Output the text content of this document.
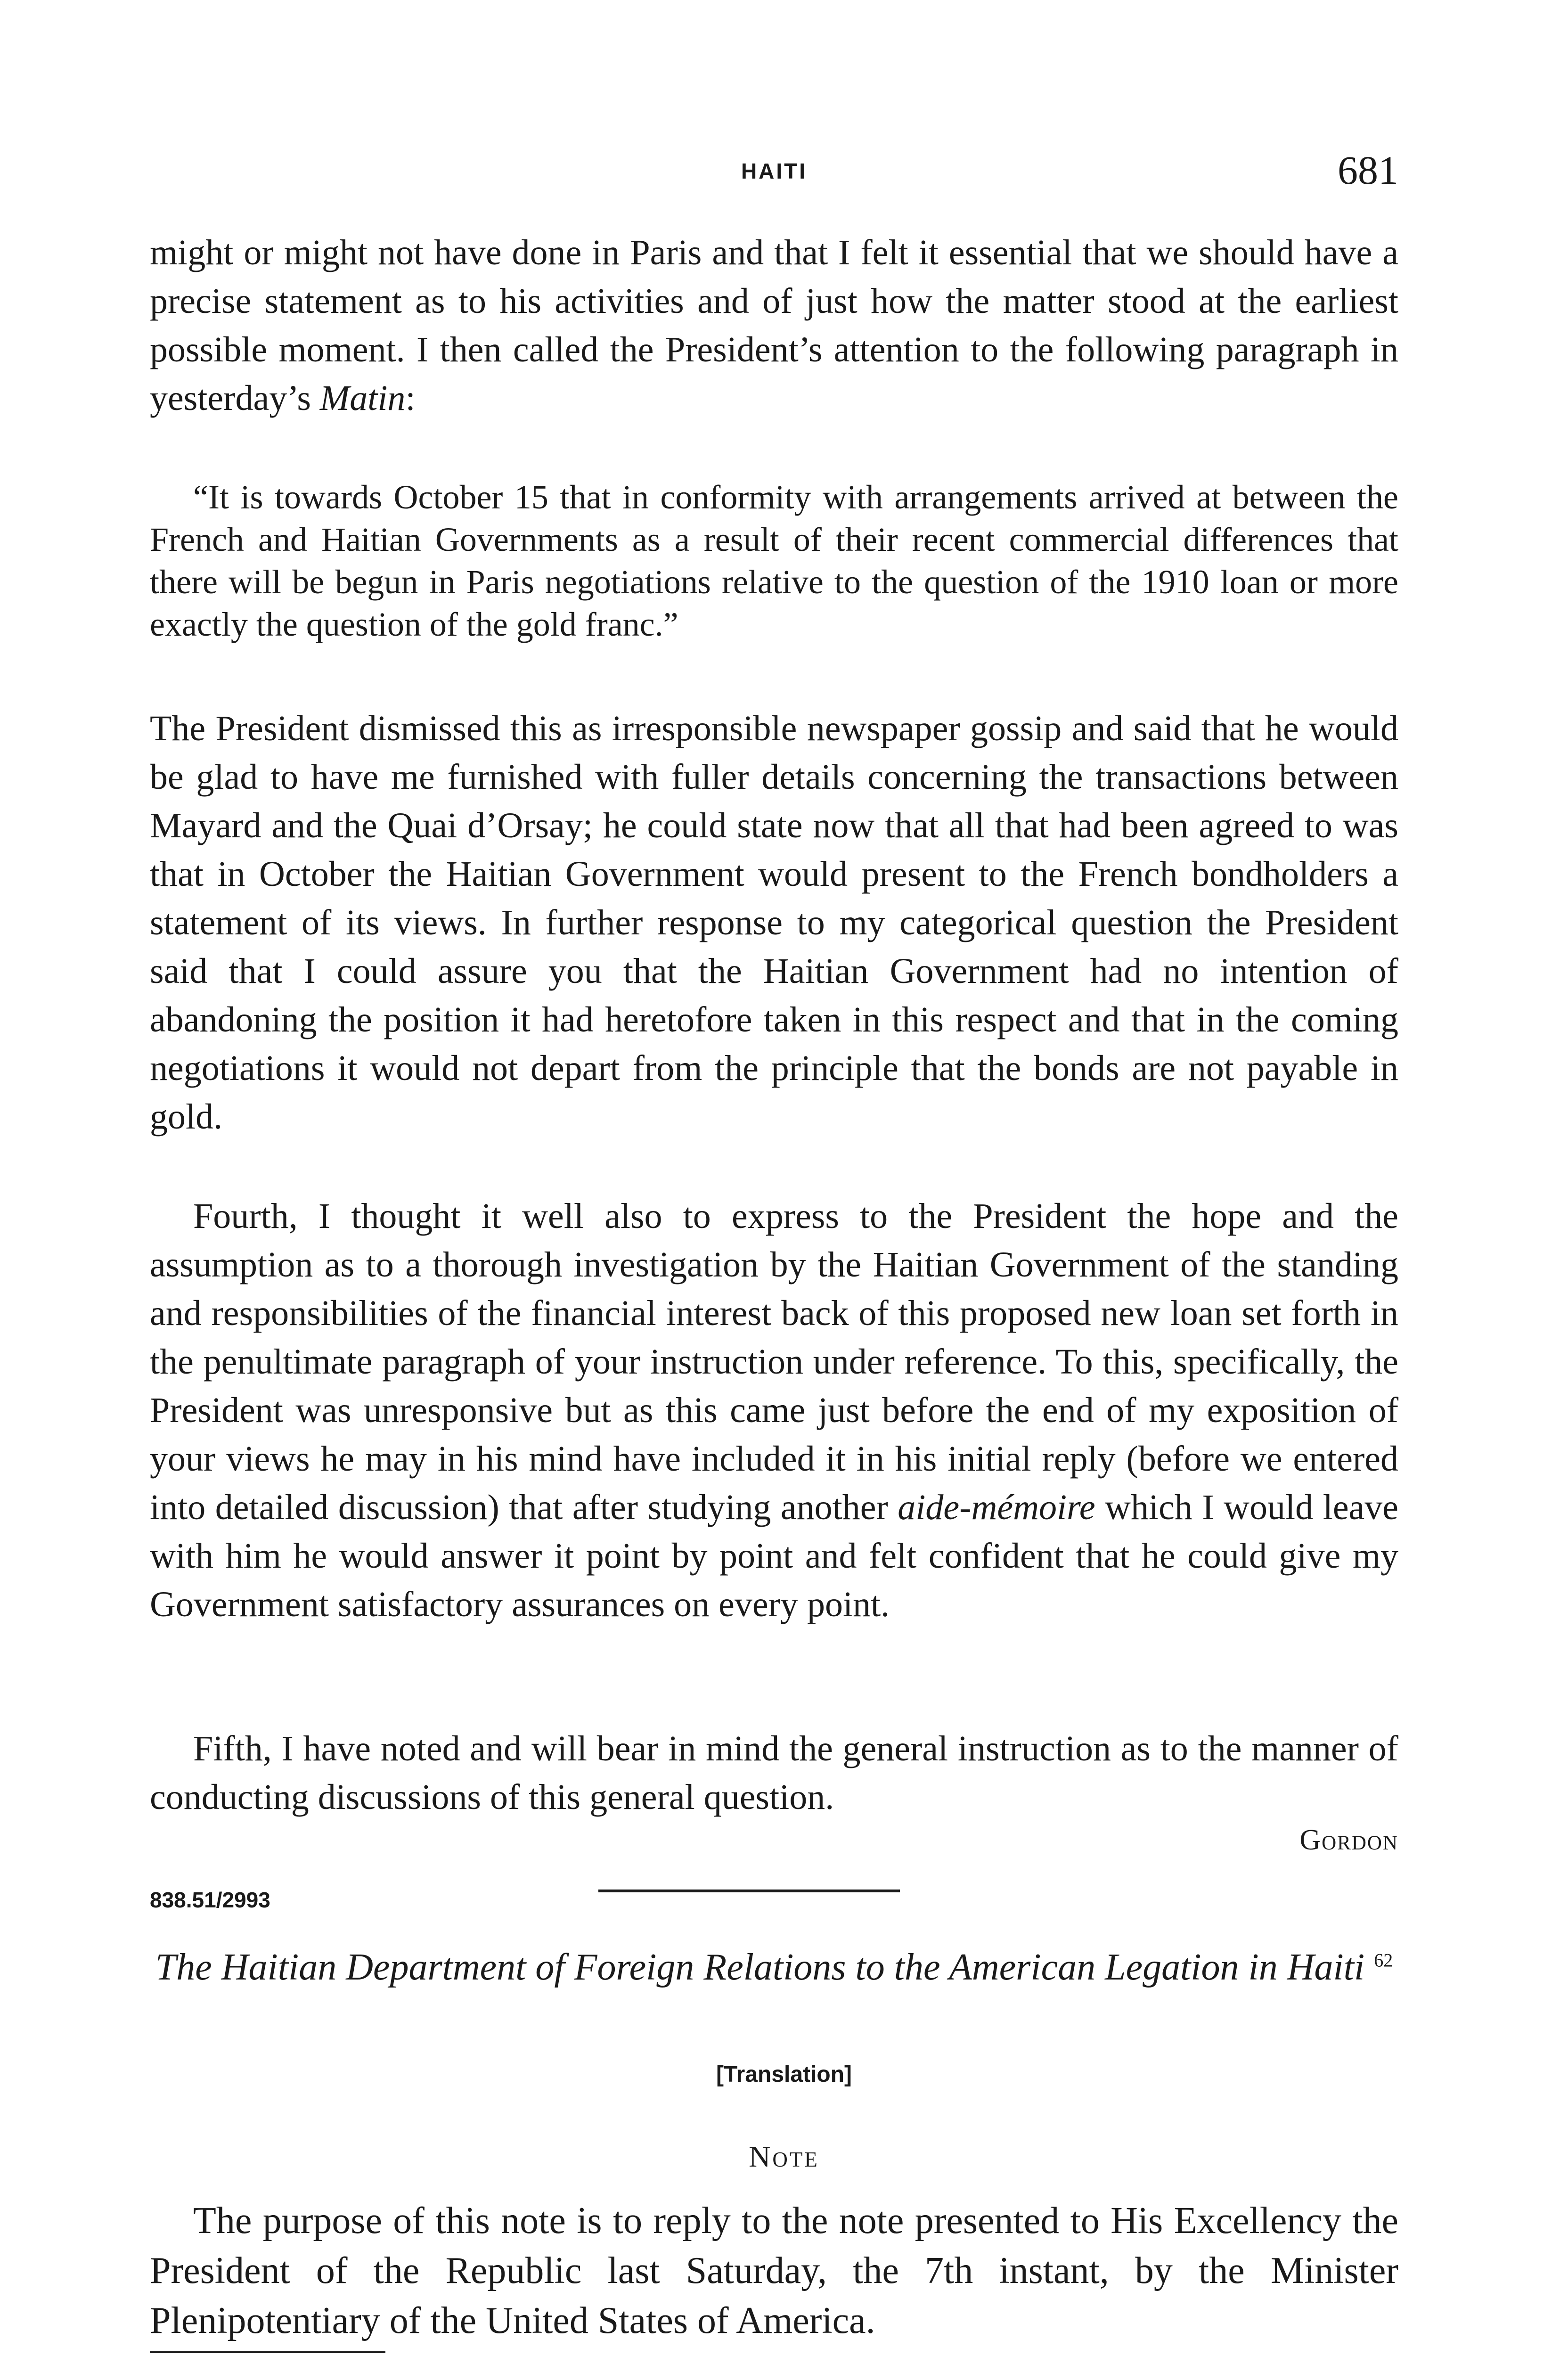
HAITI	681

might or might not have done in Paris and that I felt it essential that we should have a precise statement as to his activities and of just how the matter stood at the earliest possible moment. I then called the President’s attention to the following paragraph in yesterday’s Matin:

“It is towards October 15 that in conformity with arrangements arrived at between the French and Haitian Governments as a result of their recent commercial differences that there will be begun in Paris negotiations relative to the question of the 1910 loan or more exactly the question of the gold franc.”

The President dismissed this as irresponsible newspaper gossip and said that he would be glad to have me furnished with fuller details concerning the transactions between Mayard and the Quai d’Orsay; he could state now that all that had been agreed to was that in October the Haitian Government would present to the French bondholders a statement of its views. In further response to my categorical question the President said that I could assure you that the Haitian Government had no intention of abandoning the position it had heretofore taken in this respect and that in the coming negotiations it would not depart from the principle that the bonds are not payable in gold.

Fourth, I thought it well also to express to the President the hope and the assumption as to a thorough investigation by the Haitian Government of the standing and responsibilities of the financial interest back of this proposed new loan set forth in the penultimate paragraph of your instruction under reference. To this, specifically, the President was unresponsive but as this came just before the end of my exposition of your views he may in his mind have included it in his initial reply (before we entered into detailed discussion) that after studying another aide-mémoire which I would leave with him he would answer it point by point and felt confident that he could give my Government satisfactory assurances on every point.

Fifth, I have noted and will bear in mind the general instruction as to the manner of conducting discussions of this general question.

Gordon
838.51/2993
The Haitian Department of Foreign Relations to the American Legation in Haiti $^{62}$
[Translation]
Note

The purpose of this note is to reply to the note presented to His Excellency the President of the Republic last Saturday, the 7th instant, by the Minister Plenipotentiary of the United States of America.
